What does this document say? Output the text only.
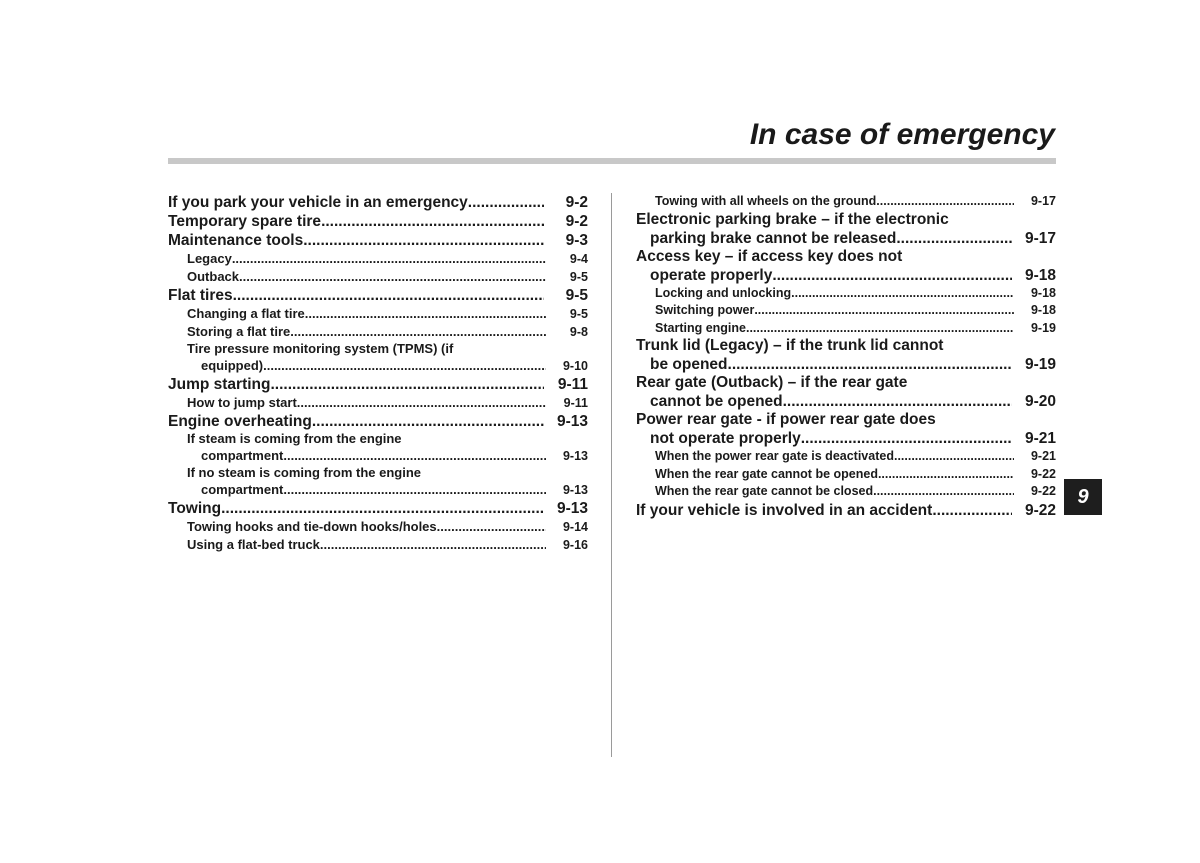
In case of emergency
If you park your vehicle in an emergency .....	9-2
Temporary spare tire .....	9-2
Maintenance tools .....	9-3
Legacy .....	9-4
Outback .....	9-5
Flat tires .....	9-5
Changing a flat tire .....	9-5
Storing a flat tire .....	9-8
Tire pressure monitoring system (TPMS) (if
equipped) .....	9-10
Jump starting .....	9-11
How to jump start .....	9-11
Engine overheating .....	9-13
If steam is coming from the engine
compartment .....	9-13
If no steam is coming from the engine
compartment .....	9-13
Towing .....	9-13
Towing hooks and tie-down hooks/holes .....	9-14
Using a flat-bed truck .....	9-16
Towing with all wheels on the ground .....	9-17
Electronic parking brake – if the electronic
parking brake cannot be released .....	9-17
Access key – if access key does not
operate properly .....	9-18
Locking and unlocking .....	9-18
Switching power .....	9-18
Starting engine .....	9-19
Trunk lid (Legacy) – if the trunk lid cannot
be opened .....	9-19
Rear gate (Outback) – if the rear gate
cannot be opened .....	9-20
Power rear gate - if power rear gate does
not operate properly .....	9-21
When the power rear gate is deactivated .....	9-21
When the rear gate cannot be opened .....	9-22
When the rear gate cannot be closed .....	9-22
If your vehicle is involved in an accident .....	9-22
9
